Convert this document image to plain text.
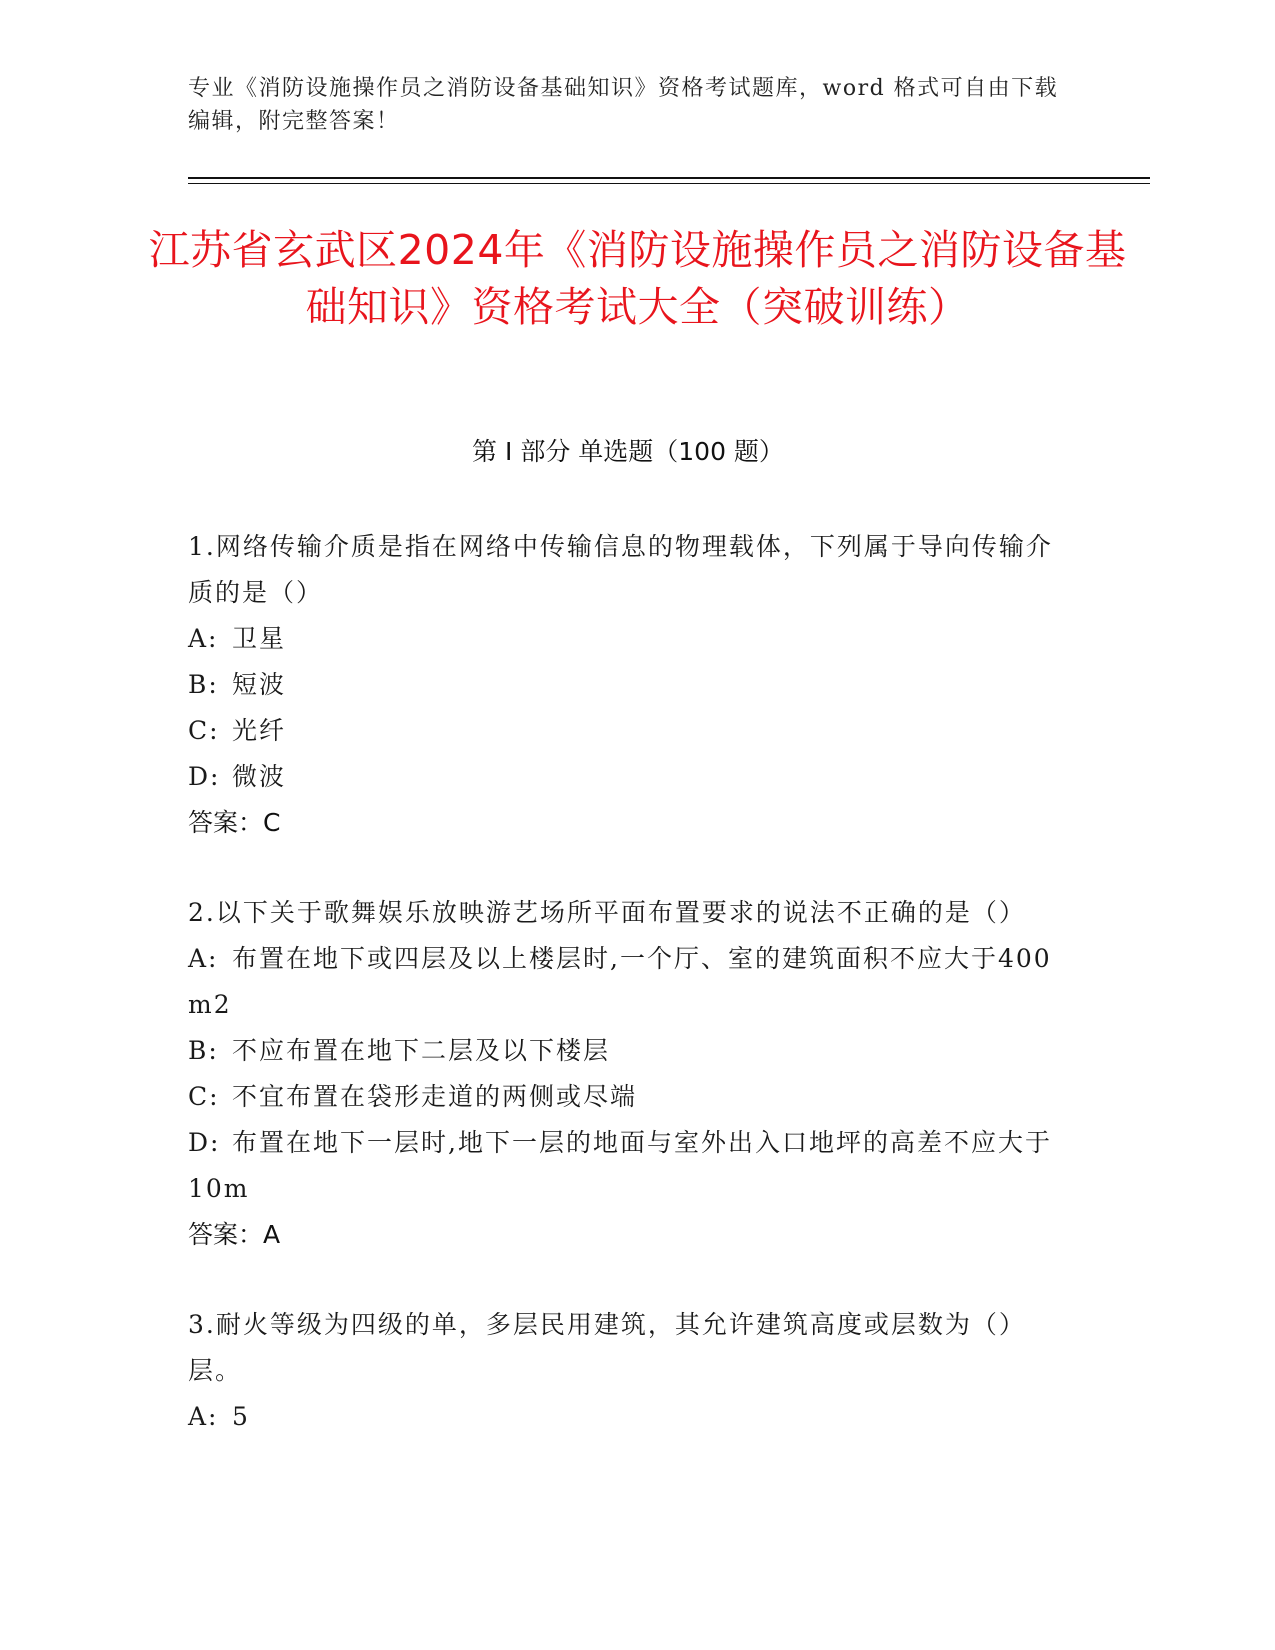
专业《消防设施操作员之消防设备基础知识》资格考试题库，word 格式可自由下载编辑，附完整答案！
江苏省玄武区2024年《消防设施操作员之消防设备基础知识》资格考试大全（突破训练）
第 I 部分 单选题（100 题）
1.网络传输介质是指在网络中传输信息的物理载体，下列属于导向传输介质的是（）
A: 卫星
B: 短波
C: 光纤
D: 微波
答案：C
2.以下关于歌舞娱乐放映游艺场所平面布置要求的说法不正确的是（）
A: 布置在地下或四层及以上楼层时,一个厅、室的建筑面积不应大于400m2
B: 不应布置在地下二层及以下楼层
C: 不宜布置在袋形走道的两侧或尽端
D: 布置在地下一层时,地下一层的地面与室外出入口地坪的高差不应大于10m
答案：A
3.耐火等级为四级的单，多层民用建筑，其允许建筑高度或层数为（）层。
A: 5
